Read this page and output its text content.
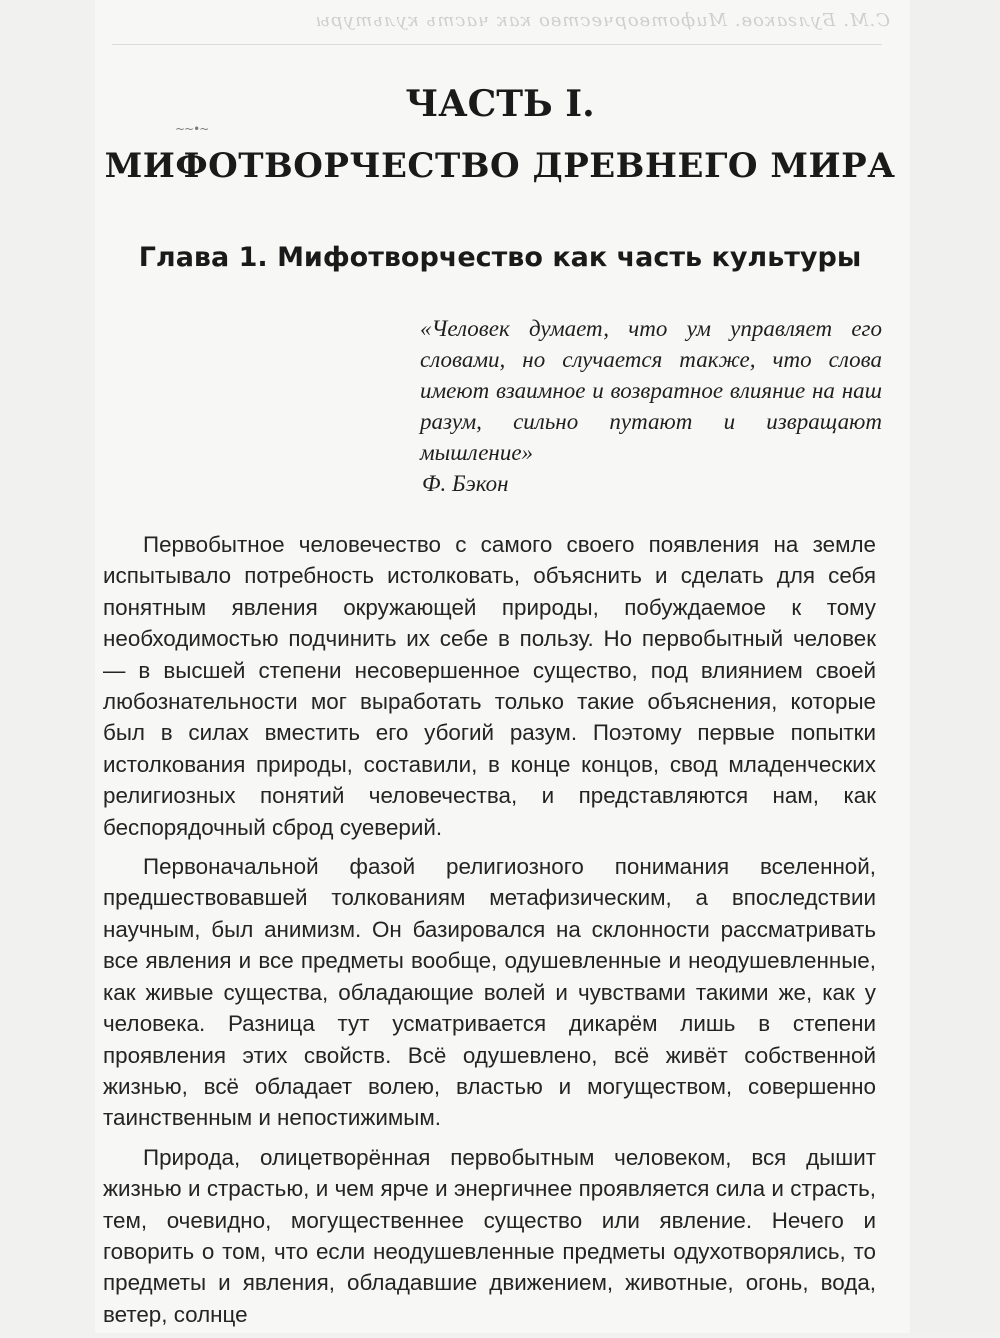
С.М. Булгаков. Мифотворчество как часть культуры
~~•~
ЧАСТЬ I.
МИФОТВОРЧЕСТВО ДРЕВНЕГО МИРА
Глава 1. Мифотворчество как часть культуры

«Человек думает, что ум управляет его словами, но случается также, что слова имеют взаимное и возвратное влияние на наш разум, сильно путают и извращают мышление»

Ф. Бэкон

Первобытное человечество с самого своего появления на земле испытывало потребность истолковать, объяснить и сделать для себя понятным явления окружающей природы, побуждаемое к тому необходимостью подчинить их себе в пользу. Но первобытный человек — в высшей степени несовершенное существо, под влиянием своей любознательности мог выработать только такие объяснения, которые был в силах вместить его убогий разум. Поэтому первые попытки истолкования природы, составили, в конце концов, свод младенческих религиозных понятий человечества, и представляются нам, как беспорядочный сброд суеверий.

Первоначальной фазой религиозного понимания вселенной, предшествовавшей толкованиям метафизическим, а впоследствии научным, был анимизм. Он базировался на склонности рассматривать все явления и все предметы вообще, одушевленные и неодушевленные, как живые существа, обладающие волей и чувствами такими же, как у человека. Разница тут усматривается дикарём лишь в степени проявления этих свойств. Всё одушевлено, всё живёт собственной жизнью, всё обладает волею, властью и могуществом, совершенно таинственным и непостижимым.

Природа, олицетворённая первобытным человеком, вся дышит жизнью и страстью, и чем ярче и энергичнее проявляется сила и страсть, тем, очевидно, могущественнее существо или явление. Нечего и говорить о том, что если неодушевленные предметы одухотворялись, то предметы и явления, обладавшие движением, животные, огонь, вода, ветер, солнце
